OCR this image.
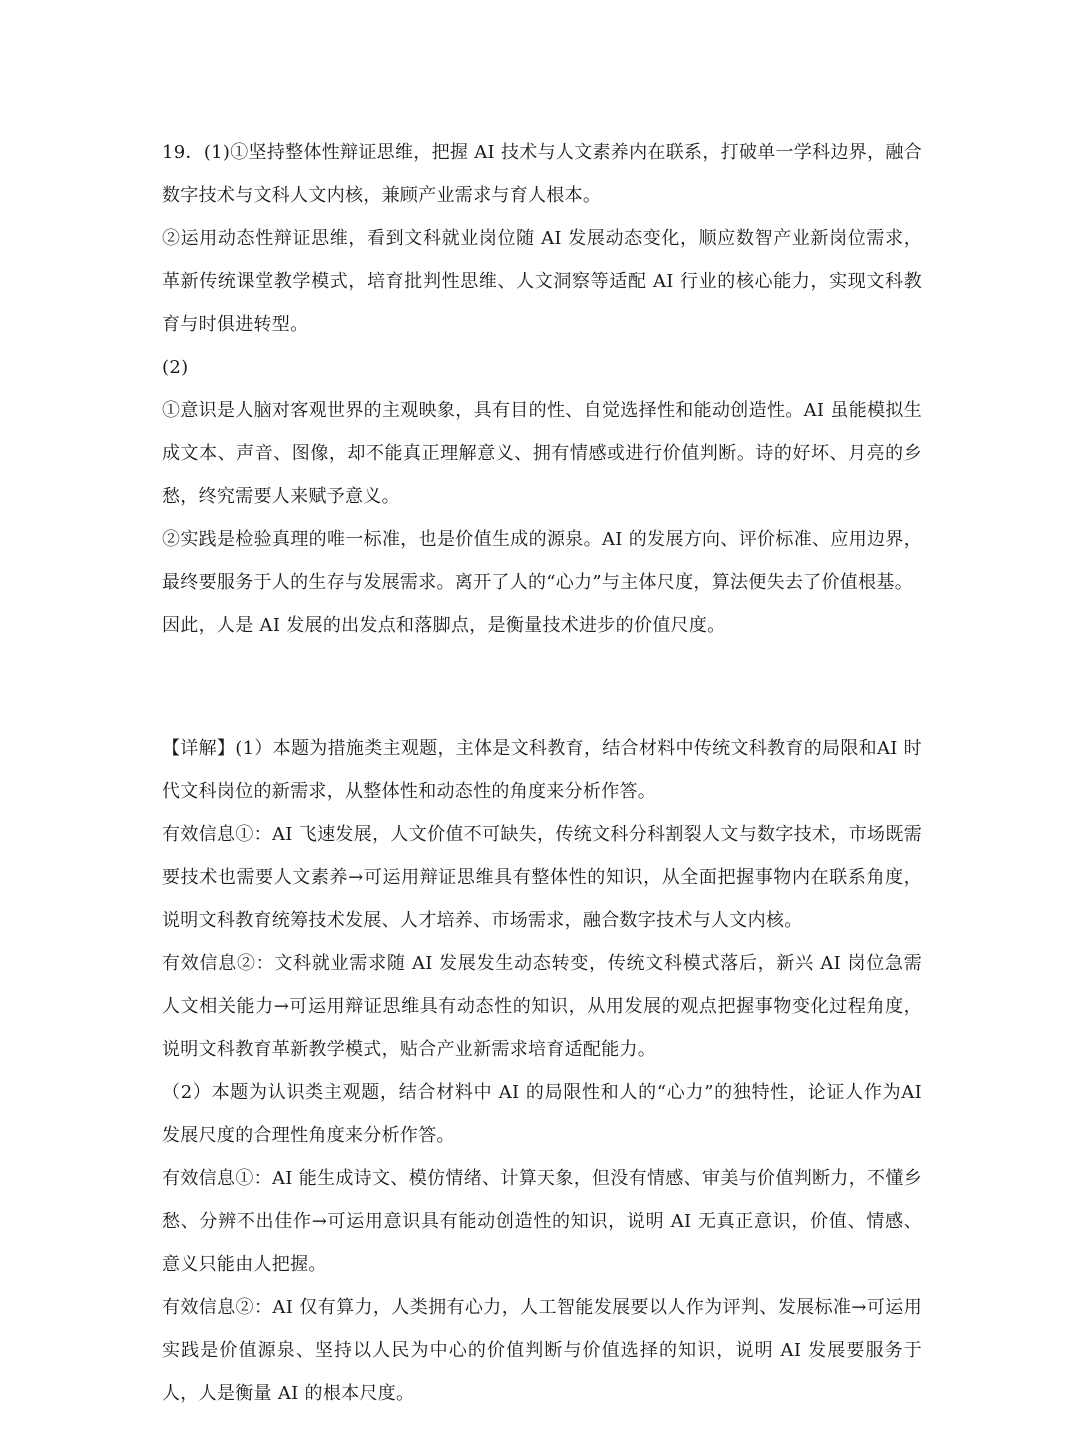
19．(1)①坚持整体性辩证思维，把握 AI 技术与人文素养内在联系，打破单一学科边界，融合数字技术与文科人文内核，兼顾产业需求与育人根本。

②运用动态性辩证思维，看到文科就业岗位随 AI 发展动态变化，顺应数智产业新岗位需求，革新传统课堂教学模式，培育批判性思维、人文洞察等适配 AI 行业的核心能力，实现文科教育与时俱进转型。

(2)

①意识是人脑对客观世界的主观映象，具有目的性、自觉选择性和能动创造性。AI 虽能模拟生成文本、声音、图像，却不能真正理解意义、拥有情感或进行价值判断。诗的好坏、月亮的乡愁，终究需要人来赋予意义。

②实践是检验真理的唯一标准，也是价值生成的源泉。AI 的发展方向、评价标准、应用边界，最终要服务于人的生存与发展需求。离开了人的“心力”与主体尺度，算法便失去了价值根基。

因此，人是 AI 发展的出发点和落脚点，是衡量技术进步的价值尺度。

【详解】(1）本题为措施类主观题，主体是文科教育，结合材料中传统文科教育的局限和AI 时代文科岗位的新需求，从整体性和动态性的角度来分析作答。

有效信息①：AI 飞速发展，人文价值不可缺失，传统文科分科割裂人文与数字技术，市场既需要技术也需要人文素养→可运用辩证思维具有整体性的知识，从全面把握事物内在联系角度，说明文科教育统筹技术发展、人才培养、市场需求，融合数字技术与人文内核。

有效信息②：文科就业需求随 AI 发展发生动态转变，传统文科模式落后，新兴 AI 岗位急需人文相关能力→可运用辩证思维具有动态性的知识，从用发展的观点把握事物变化过程角度，说明文科教育革新教学模式，贴合产业新需求培育适配能力。

（2）本题为认识类主观题，结合材料中 AI 的局限性和人的“心力”的独特性，论证人作为AI 发展尺度的合理性角度来分析作答。

有效信息①：AI 能生成诗文、模仿情绪、计算天象，但没有情感、审美与价值判断力，不懂乡愁、分辨不出佳作→可运用意识具有能动创造性的知识，说明 AI 无真正意识，价值、情感、意义只能由人把握。

有效信息②：AI 仅有算力，人类拥有心力，人工智能发展要以人作为评判、发展标准→可运用实践是价值源泉、坚持以人民为中心的价值判断与价值选择的知识，说明 AI 发展要服务于人，人是衡量 AI 的根本尺度。
